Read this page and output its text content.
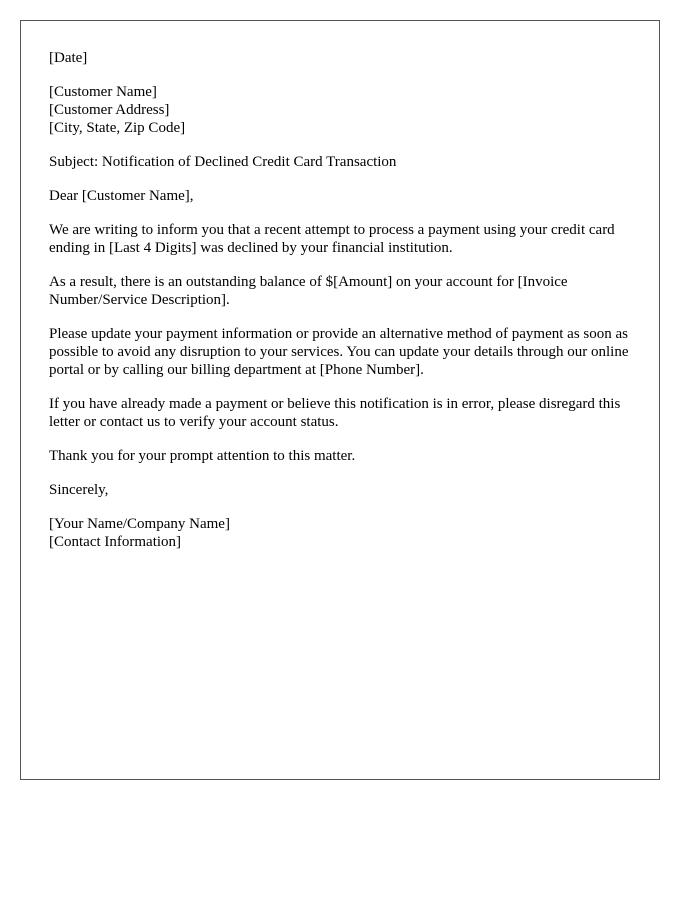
[Date]
[Customer Name]
[Customer Address]
[City, State, Zip Code]

Subject: Notification of Declined Credit Card Transaction

Dear [Customer Name],

We are writing to inform you that a recent attempt to process a payment using your credit card ending in [Last 4 Digits] was declined by your financial institution.

As a result, there is an outstanding balance of $[Amount] on your account for [Invoice Number/Service Description].

Please update your payment information or provide an alternative method of payment as soon as possible to avoid any disruption to your services. You can update your details through our online portal or by calling our billing department at [Phone Number].

If you have already made a payment or believe this notification is in error, please disregard this letter or contact us to verify your account status.

Thank you for your prompt attention to this matter.

Sincerely,

[Your Name/Company Name]
[Contact Information]
